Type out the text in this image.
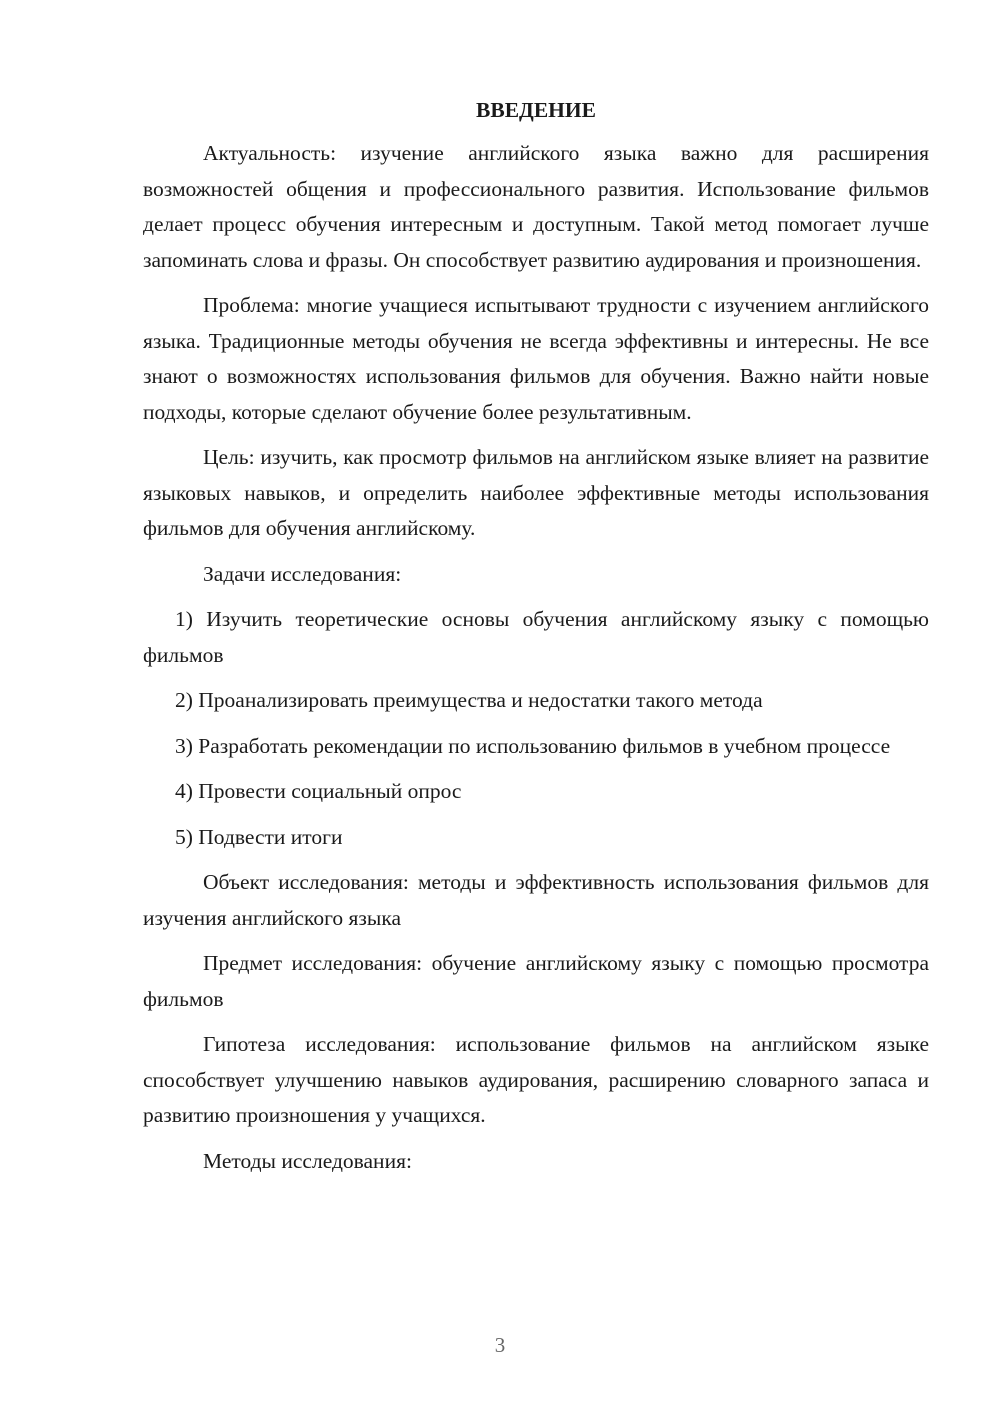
ВВЕДЕНИЕ

Актуальность: изучение английского языка важно для расширения возможностей общения и профессионального развития. Использование фильмов делает процесс обучения интересным и доступным. Такой метод помогает лучше запоминать слова и фразы. Он способствует развитию аудирования и произношения.

Проблема: многие учащиеся испытывают трудности с изучением английского языка. Традиционные методы обучения не всегда эффективны и интересны. Не все знают о возможностях использования фильмов для обучения. Важно найти новые подходы, которые сделают обучение более результативным.

Цель: изучить, как просмотр фильмов на английском языке влияет на развитие языковых навыков, и определить наиболее эффективные методы использования фильмов для обучения английскому.

Задачи исследования:

1) Изучить теоретические основы обучения английскому языку с помощью фильмов

2) Проанализировать преимущества и недостатки такого метода

3) Разработать рекомендации по использованию фильмов в учебном процессе

4) Провести социальный опрос

5) Подвести итоги

Объект исследования: методы и эффективность использования фильмов для изучения английского языка

Предмет исследования: обучение английскому языку с помощью просмотра фильмов

Гипотеза исследования: использование фильмов на английском языке способствует улучшению навыков аудирования, расширению словарного запаса и развитию произношения у учащихся.

Методы исследования:

3
